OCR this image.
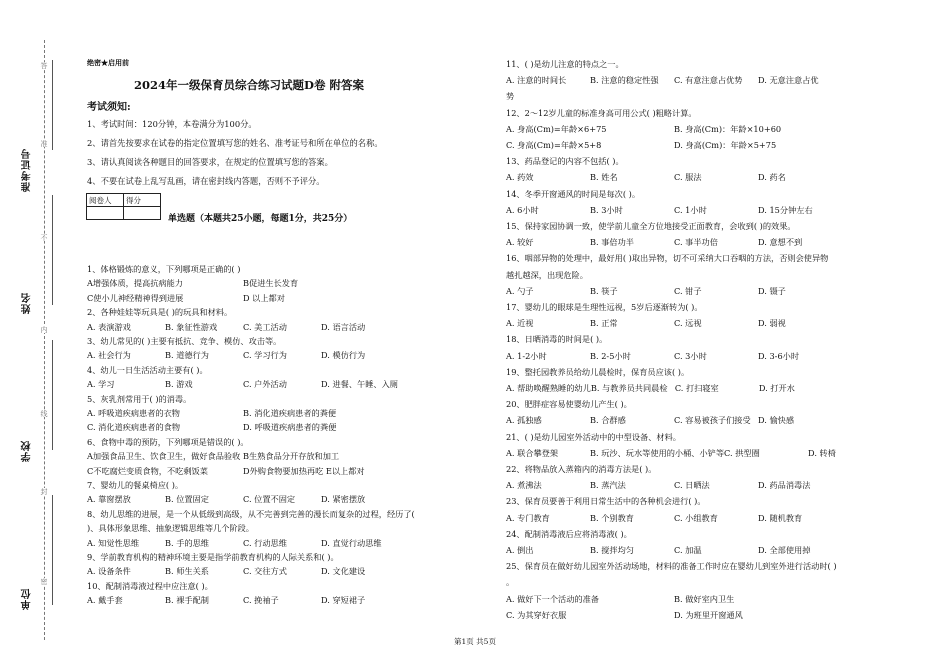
准考证号
姓名
学校
单位
答
准
不
内
线
封
密
绝密★启用前
2024年一级保育员综合练习试题D卷 附答案
考试须知:
1、考试时间：120分钟，本卷满分为100分。
2、请首先按要求在试卷的指定位置填写您的姓名、准考证号和所在单位的名称。
3、请认真阅读各种题目的回答要求，在规定的位置填写您的答案。
4、不要在试卷上乱写乱画，请在密封线内答题，否则不予评分。
阅卷人	得分

单选题（本题共25小题，每题1分，共25分）
1、体格锻炼的意义，下列哪项是正确的( )
A增强体质，提高抗病能力	B促进生长发育
C使小儿神经精神得到进展	D 以上都对
2、各种娃娃等玩具是( )的玩具和材料。
A. 表演游戏	B. 象征性游戏	C. 美工活动	D. 语言活动
3、幼儿常见的( )主要有抵抗、竞争、模仿、攻击等。
A. 社会行为	B. 道德行为	C. 学习行为	D. 模仿行为
4、幼儿一日生活活动主要有( )。
A. 学习	B. 游戏	C. 户外活动	D. 进餐、午睡、入厕
5、灰乳剂常用于( )的消毒。
A. 呼吸道疾病患者的衣物	B. 消化道疾病患者的粪便
C. 消化道疾病患者的食物	D. 呼吸道疾病患者的粪便
6、食物中毒的预防，下列哪项是错误的( )。
A加强食品卫生、饮食卫生，做好食品验收 B生熟食品分开存放和加工
C不吃腐烂变质食物，不吃剩饭菜	D外购食物要加热再吃 E以上都对
7、婴幼儿的餐桌椅应( )。
A. 靠窗摆放	B. 位置固定	C. 位置不固定	D. 紧密摆放
8、幼儿思维的进展，是一个从低级到高级，从不完善到完善的漫长而复杂的过程，经历了(
)、具体形象思维、抽象逻辑思维等几个阶段。
A. 知觉性思维	B. 手的思维	C. 行动思维	D. 直觉行动思维
9、学前教育机构的精神环境主要是指学前教育机构的人际关系和( )。
A. 设备条件	B. 师生关系	C. 交往方式	D. 文化建设
10、配制消毒液过程中应注意( )。
A. 戴手套	B. 裸手配制	C. 挽袖子	D. 穿短裙子
11、( )是幼儿注意的特点之一。
A. 注意的时间长	B. 注意的稳定性强 C. 有意注意占优势 D. 无意注意占优
势
12、2～12岁儿童的标准身高可用公式( )粗略计算。
A. 身高(Cm)=年龄×6+75	B. 身高(Cm)：年龄×10+60
C. 身高(Cm)=年龄×5+8	D. 身高(Cm)：年龄×5+75
13、药品登记的内容不包括( )。
A. 药效	B. 姓名	C. 服法	D. 药名
14、冬季开窗通风的时间是每次( )。
A. 6小时	B. 3小时	C. 1小时	D. 15分钟左右
15、保持家园协调一致，使学前儿童全方位地接受正面教育，会收到( )的效果。
A. 较好	B. 事倍功半	C. 事半功倍	D. 意想不到
16、咽部异物的处理中，最好用( )取出异物，切不可采纳大口吞咽的方法，否则会使异物
越扎越深，出现危险。
A. 勺子	B. 筷子	C. 钳子	D. 镊子
17、婴幼儿的眼球是生理性远视，5岁后逐渐转为( )。
A. 近视	B. 正常	C. 远视	D. 弱视
18、日晒消毒的时间是( )。
A. 1-2小时	B. 2-5小时	C. 3小时	D. 3-6小时
19、整托园教养员给幼儿晨检时，保育员应该( )。
A. 帮助唤醒熟睡的幼儿B. 与教养员共同晨检 C. 打扫寝室	D. 打开水
20、肥胖症容易使婴幼儿产生( )。
A. 孤独感	B. 合群感	C. 容易被孩子们接受 D. 愉快感
21、( )是幼儿园室外活动中的中型设备、材料。
A. 联合攀登架	B. 玩沙、玩水等使用的小桶、小铲等C. 拱型圈	D. 转椅
22、将物品放入蒸箱内的消毒方法是( )。
A. 煮沸法	B. 蒸汽法	C. 日晒法	D. 药品消毒法
23、保育员要善于利用日常生活中的各种机会进行( )。
A. 专门教育	B. 个别教育	C. 小组教育	D. 随机教育
24、配制消毒液后应将消毒液( )。
A. 倒出	B. 搅拌均匀	C. 加温	D. 全部使用掉
25、保育员在做好幼儿园室外活动场地，材料的准备工作时应在婴幼儿到室外进行活动时( )
。
A. 做好下一个活动的准备	B. 做好室内卫生
C. 为其穿好衣服	D. 为班里开窗通风
第1页 共5页
